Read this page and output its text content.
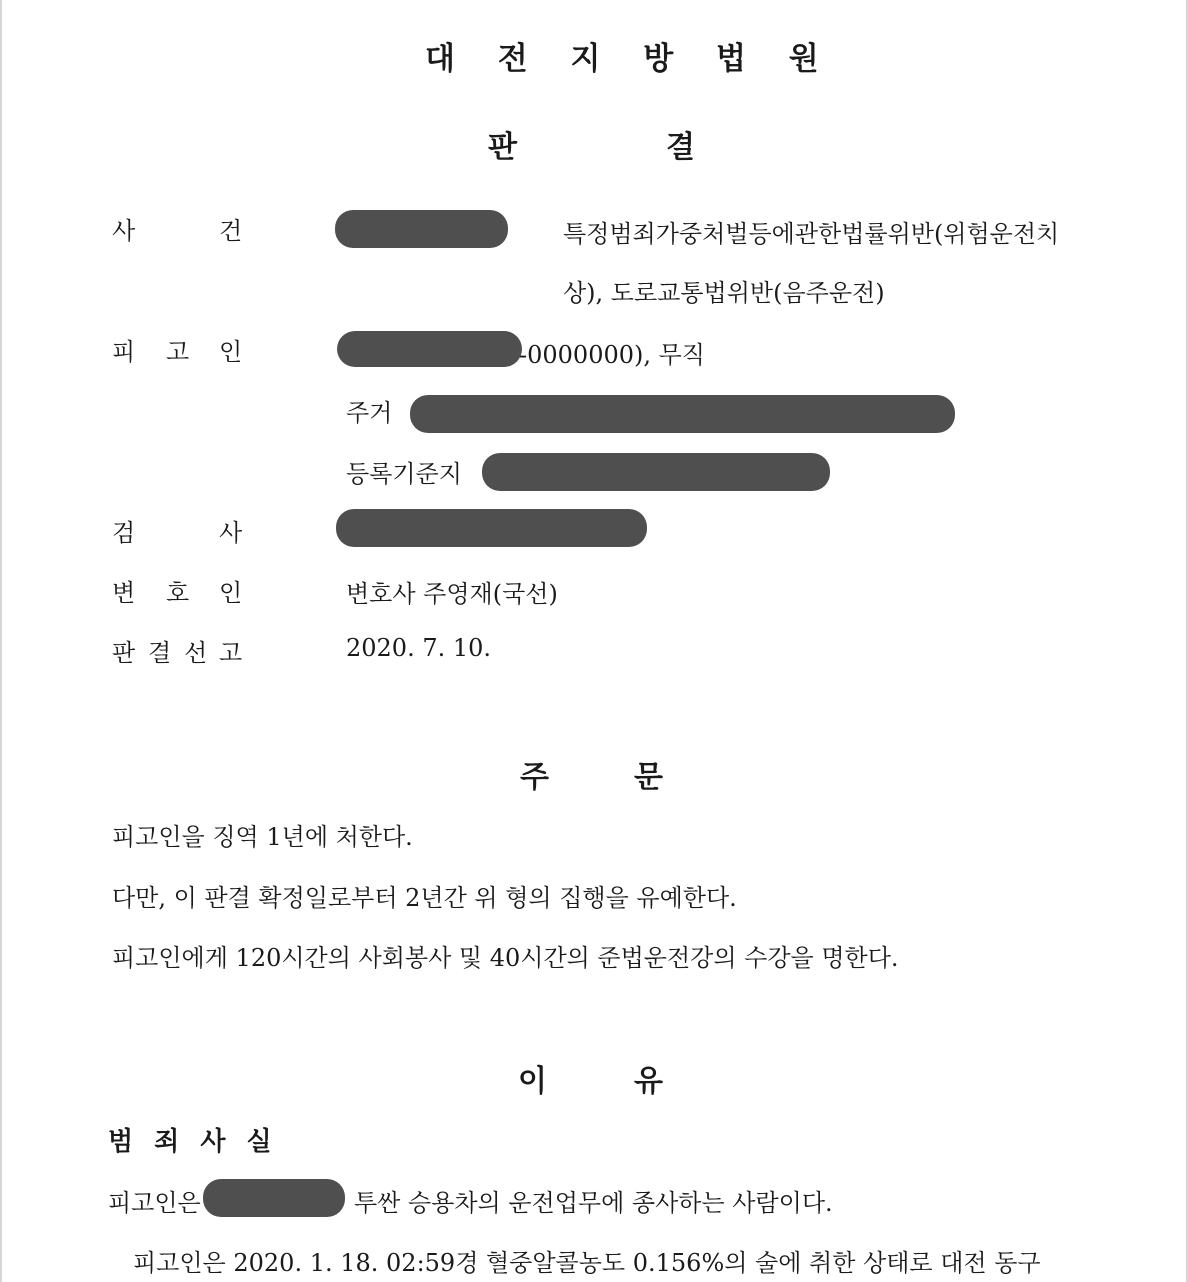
대 전 지 방 법 원
판	결
사	건	특정범죄가중처벌등에관한법률위반(위험운전치
상), 도로교통법위반(음주운전)
피 고 인	-0000000), 무직
주거
등록기준지
검	사
변 호 인	변호사 주영재(국선)
판 결 선 고	2020. 7. 10.
주	문
피고인을 징역 1년에 처한다.
다만, 이 판결 확정일로부터 2년간 위 형의 집행을 유예한다.
피고인에게 120시간의 사회봉사 및 40시간의 준법운전강의 수강을 명한다.
이	유
범 죄 사 실
피고인은	투싼 승용차의 운전업무에 종사하는 사람이다.
피고인은 2020. 1. 18. 02:59경 혈중알콜농도 0.156%의 술에 취한 상태로 대전 동구
